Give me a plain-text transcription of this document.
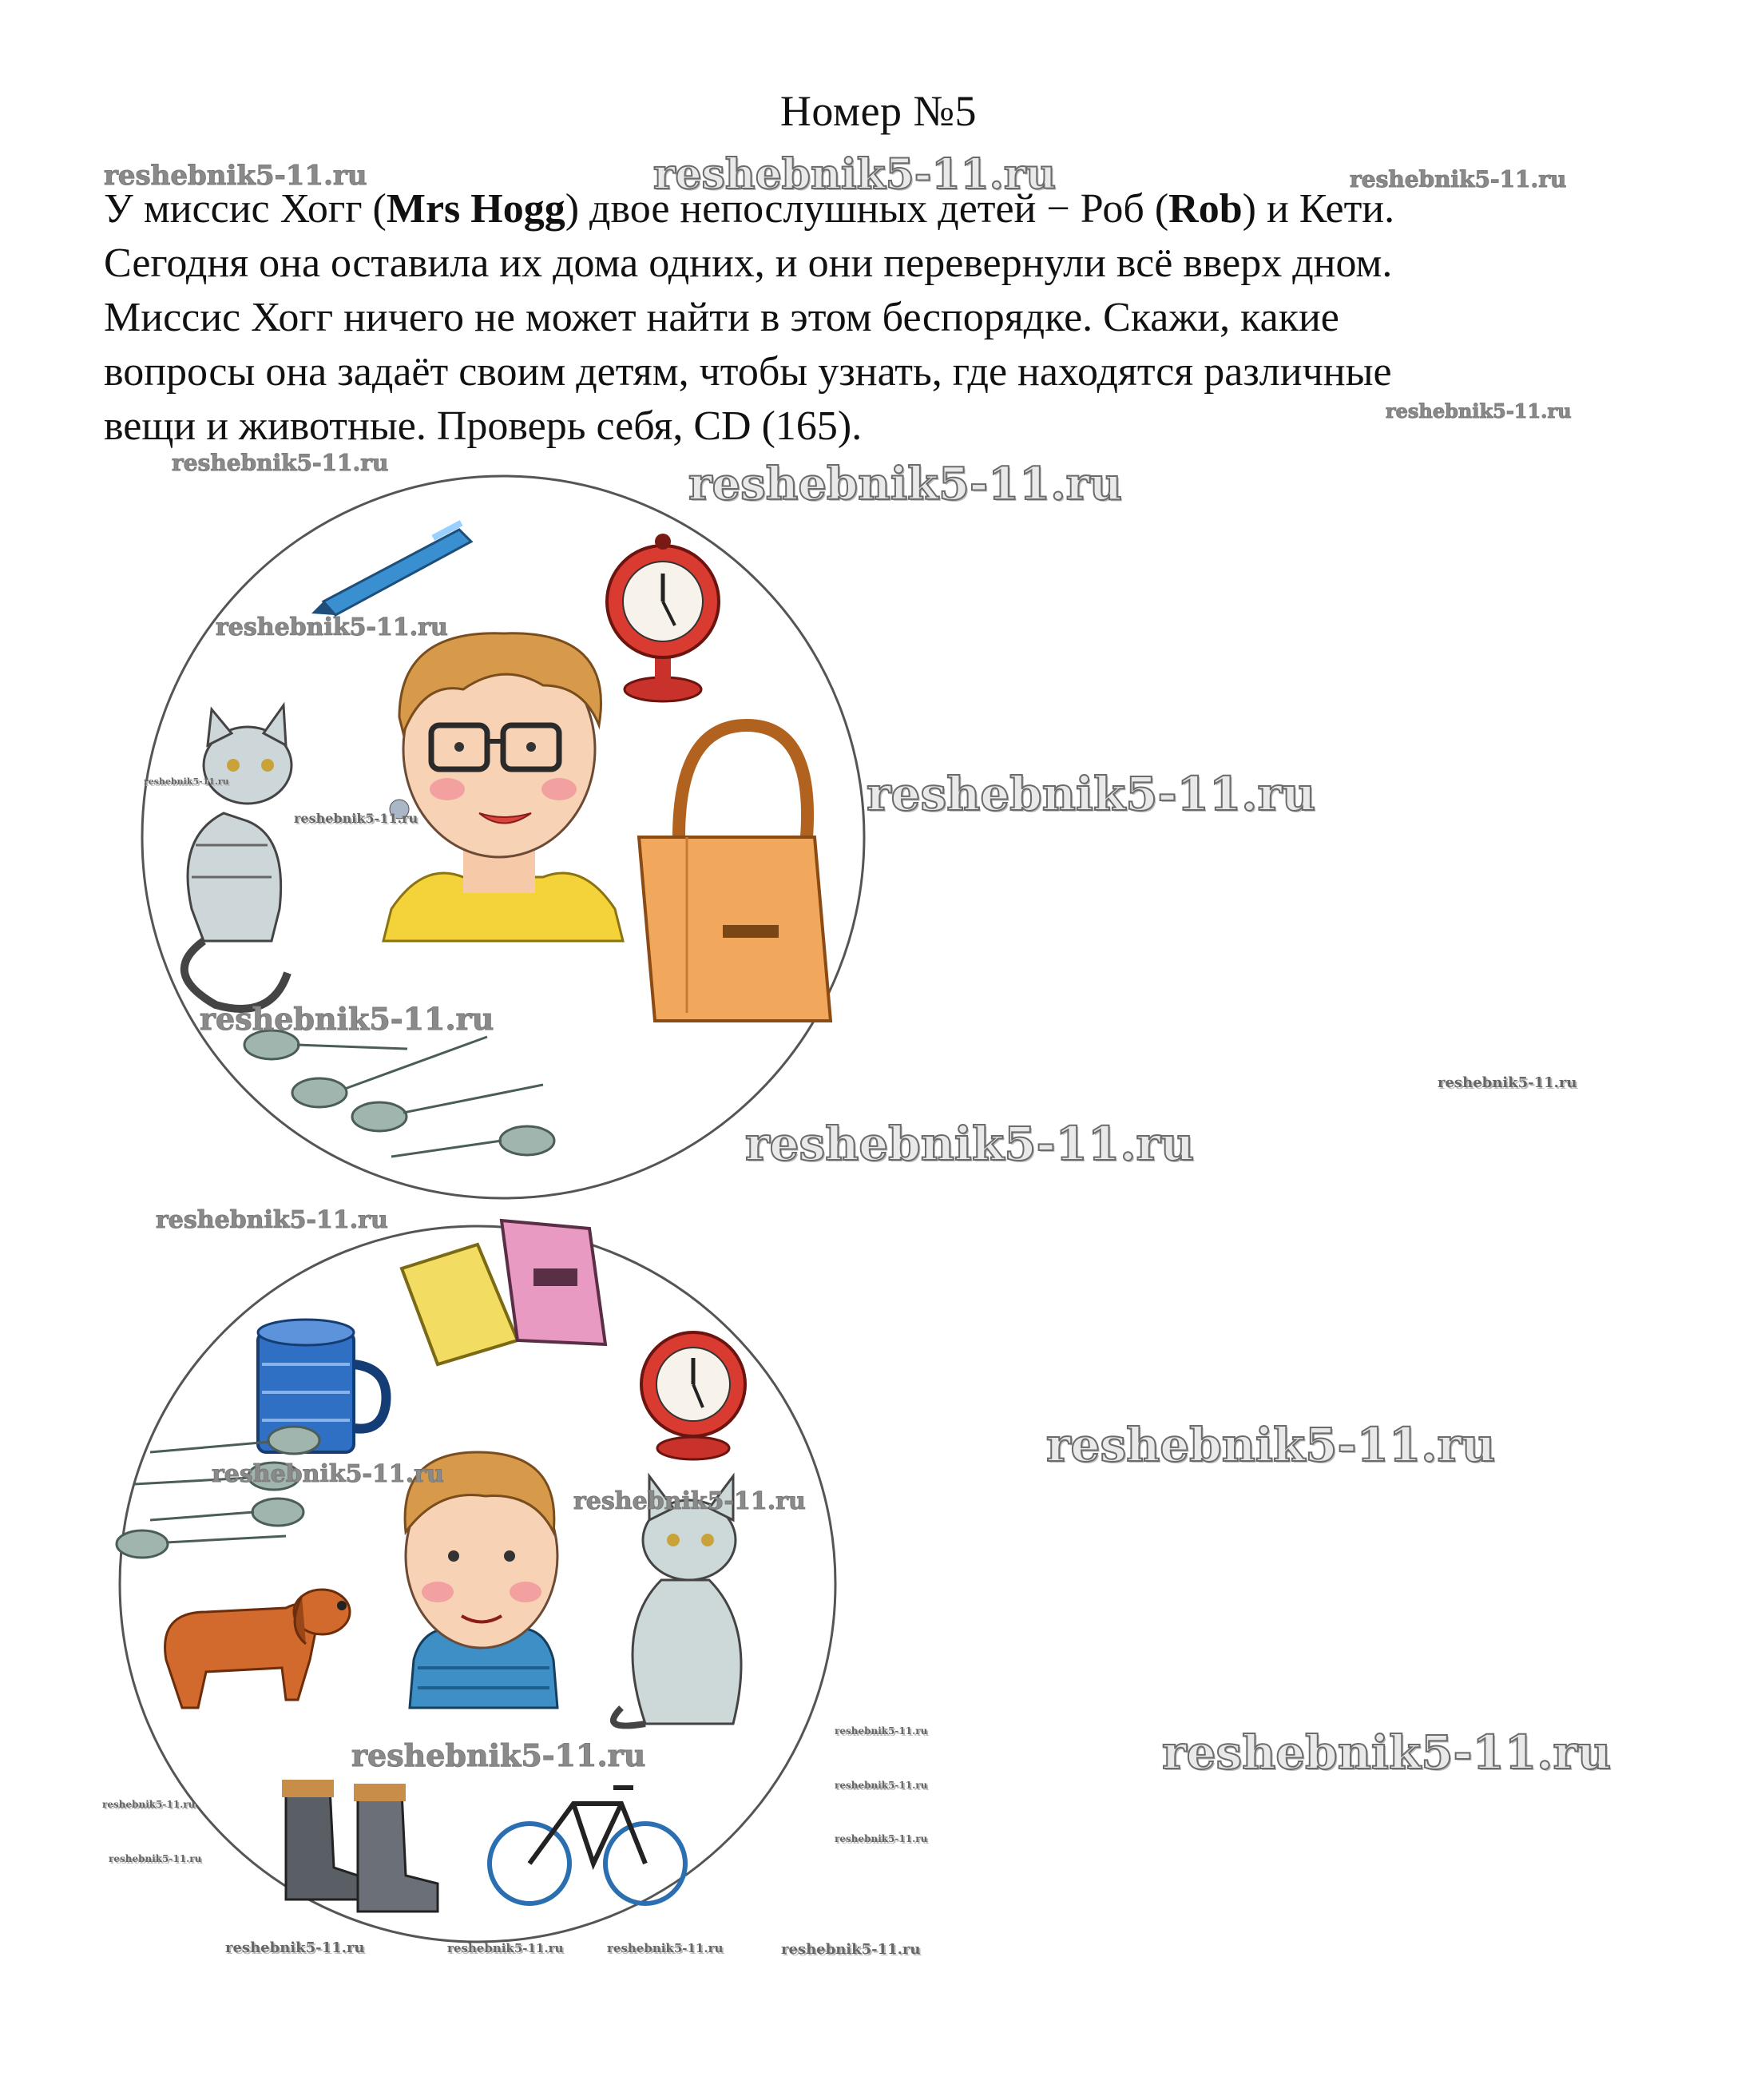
Номер №5

У миссис Хогг (Mrs Hogg) двое непослушных детей − Роб (Rob) и Кети.

Сегодня она оставила их дома одних, и они перевернули всё вверх дном.

Миссис Хогг ничего не может найти в этом беспорядке. Скажи, какие

вопросы она задаёт своим детям, чтобы узнать, где находятся различные

вещи и животные. Проверь себя, CD (165).

reshebnik5-11.ru	reshebnik5-11.ru	reshebnik5-11.ru
reshebnik5-11.ru
reshebnik5-11.ru	reshebnik5-11.ru
reshebnik5-11.ru
reshebnik5-11.ru
reshebnik5-11.ru	reshebnik5-11.ru
reshebnik5-11.ru
reshebnik5-11.ru
reshebnik5-11.ru
reshebnik5-11.ru
reshebnik5-11.ru
reshebnik5-11.ru
reshebnik5-11.ru
reshebnik5-11.ru	reshebnik5-11.ru
reshebnik5-11.ru
reshebnik5-11.ru
reshebnik5-11.ru
reshebnik5-11.ru
reshebnik5-11.ru
reshebnik5-11.ru	reshebnik5-11.ru	reshebnik5-11.ru	reshebnik5-11.ru
